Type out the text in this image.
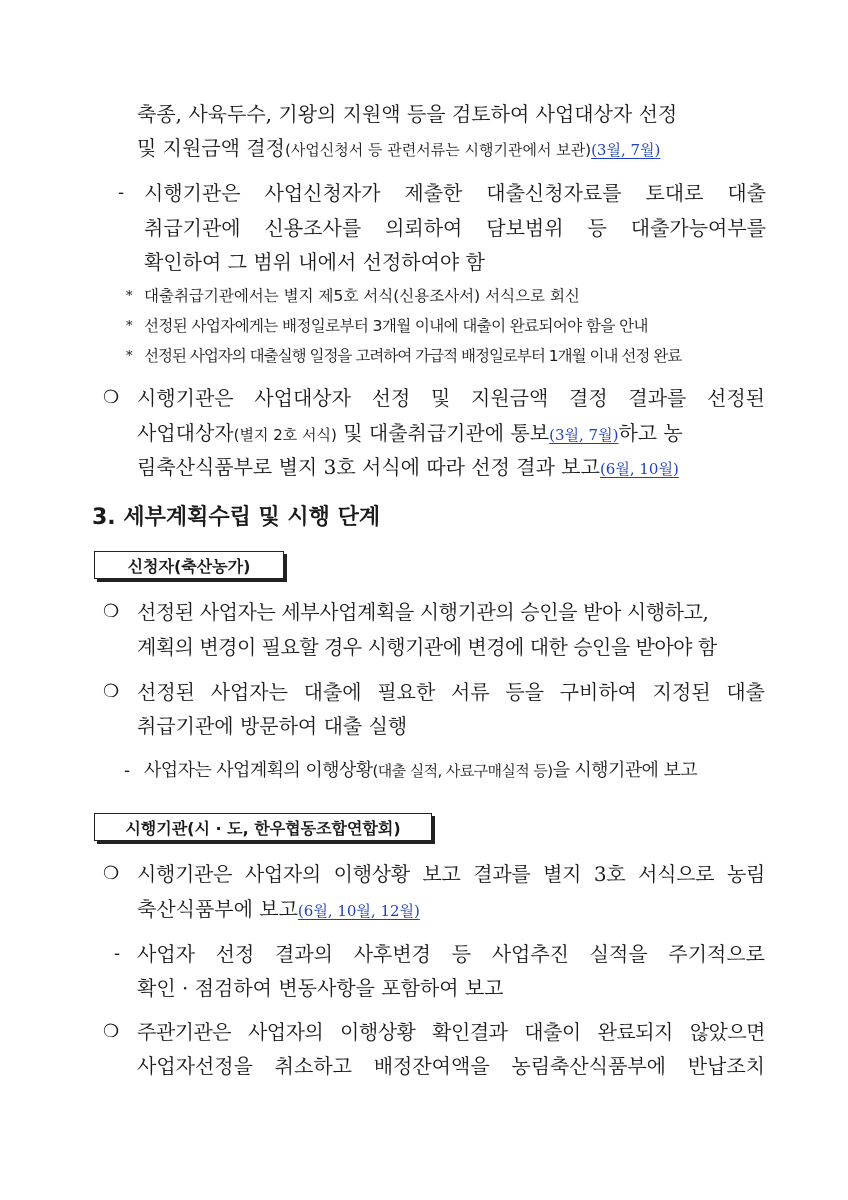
축종, 사육두수, 기왕의 지원액 등을 검토하여 사업대상자 선정
및 지원금액 결정(사업신청서 등 관련서류는 시행기관에서 보관)(3월, 7월)
- 시행기관은 사업신청자가 제출한 대출신청자료를 토대로 대출
취급기관에 신용조사를 의뢰하여 담보범위 등 대출가능여부를
확인하여 그 범위 내에서 선정하여야 함
* 대출취급기관에서는 별지 제5호 서식(신용조사서) 서식으로 회신
* 선정된 사업자에게는 배정일로부터 3개월 이내에 대출이 완료되어야 함을 안내
* 선정된 사업자의 대출실행 일정을 고려하여 가급적 배정일로부터 1개월 이내 선정 완료
❍ 시행기관은 사업대상자 선정 및 지원금액 결정 결과를 선정된
사업대상자(별지 2호 서식) 및 대출취급기관에 통보(3월, 7월)하고 농
림축산식품부로 별지 3호 서식에 따라 선정 결과 보고(6월, 10월)
3. 세부계획수립 및 시행 단계
신청자(축산농가)
❍ 선정된 사업자는 세부사업계획을 시행기관의 승인을 받아 시행하고,
계획의 변경이 필요할 경우 시행기관에 변경에 대한 승인을 받아야 함
❍ 선정된 사업자는 대출에 필요한 서류 등을 구비하여 지정된 대출
취급기관에 방문하여 대출 실행
- 사업자는 사업계획의 이행상황(대출 실적, 사료구매실적 등)을 시행기관에 보고
시행기관(시 · 도, 한우협동조합연합회)
❍ 시행기관은 사업자의 이행상황 보고 결과를 별지 3호 서식으로 농림
축산식품부에 보고(6월, 10월, 12월)
- 사업자 선정 결과의 사후변경 등 사업추진 실적을 주기적으로
확인 · 점검하여 변동사항을 포함하여 보고
❍ 주관기관은 사업자의 이행상황 확인결과 대출이 완료되지 않았으면
사업자선정을 취소하고 배정잔여액을 농림축산식품부에 반납조치
